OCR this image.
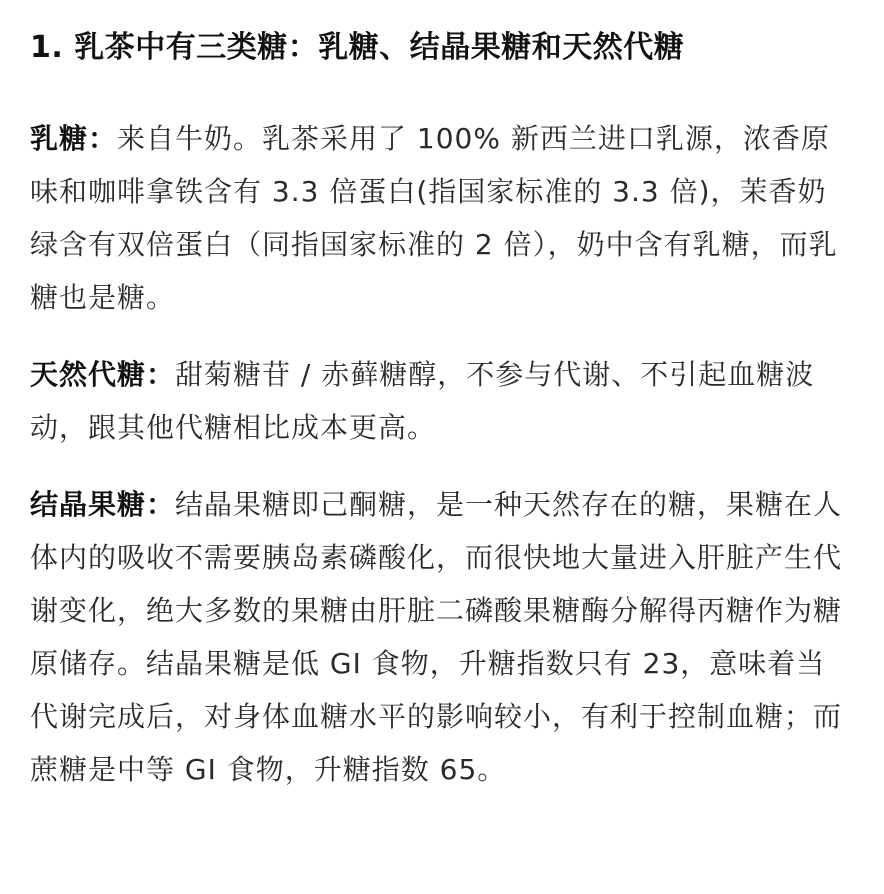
1. 乳茶中有三类糖：乳糖、结晶果糖和天然代糖

乳糖：来自牛奶。乳茶采用了 100% 新西兰进口乳源，浓香原味和咖啡拿铁含有 3.3 倍蛋白(指国家标准的 3.3 倍)，茉香奶绿含有双倍蛋白（同指国家标准的 2 倍），奶中含有乳糖，而乳糖也是糖。

天然代糖：甜菊糖苷 / 赤藓糖醇，不参与代谢、不引起血糖波动，跟其他代糖相比成本更高。

结晶果糖：结晶果糖即己酮糖，是一种天然存在的糖，果糖在人体内的吸收不需要胰岛素磷酸化，而很快地大量进入肝脏产生代谢变化，绝大多数的果糖由肝脏二磷酸果糖酶分解得丙糖作为糖原储存。结晶果糖是低 GI 食物，升糖指数只有 23，意味着当代谢完成后，对身体血糖水平的影响较小，有利于控制血糖；而蔗糖是中等 GI 食物，升糖指数 65。
